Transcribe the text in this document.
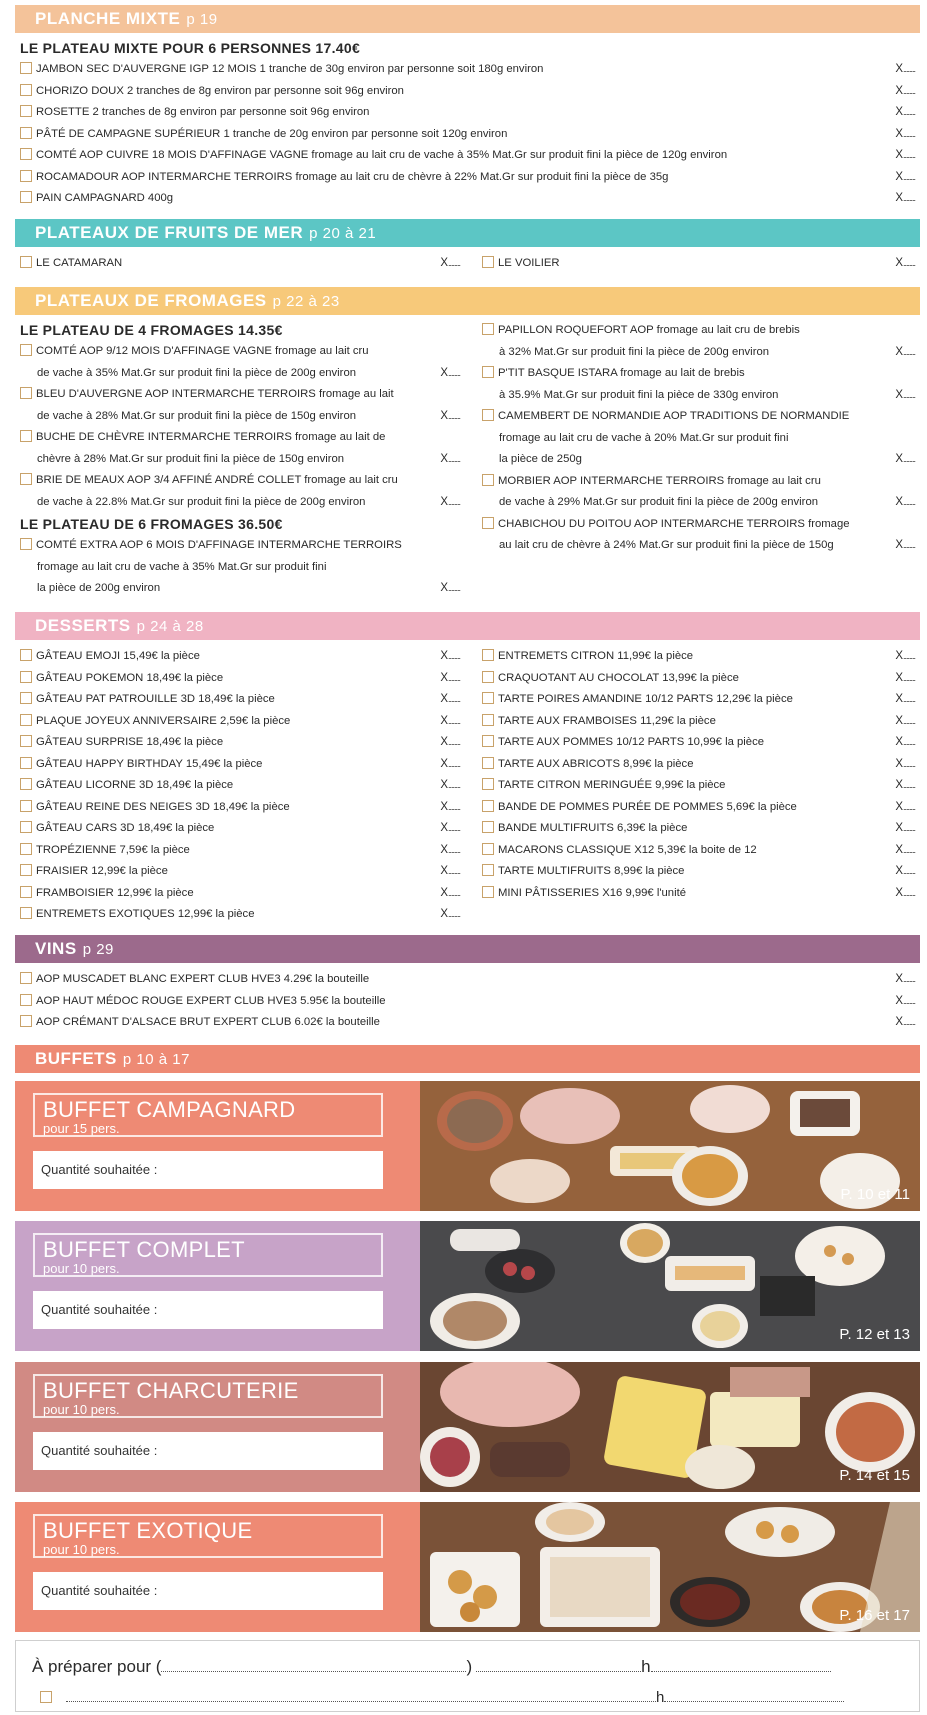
PLANCHE MIXTE p 19
LE PLATEAU MIXTE POUR 6 PERSONNES 17.40€
JAMBON SEC D'AUVERGNE IGP 12 MOIS 1 tranche de 30g environ par personne soit 180g environ	X ........
CHORIZO DOUX 2 tranches de 8g environ par personne soit 96g environ	X ........
ROSETTE 2 tranches de 8g environ par personne soit 96g environ	X ........
PÂTÉ DE CAMPAGNE SUPÉRIEUR 1 tranche de 20g environ par personne soit 120g environ	X ........
COMTÉ AOP CUIVRE 18 MOIS D'AFFINAGE VAGNE fromage au lait cru de vache à 35% Mat.Gr sur produit fini la pièce de 120g environ	X ........
ROCAMADOUR AOP INTERMARCHE TERROIRS fromage au lait cru de chèvre à 22% Mat.Gr sur produit fini la pièce de 35g	X ........
PAIN CAMPAGNARD 400g	X ........
PLATEAUX DE FRUITS DE MER p 20 à 21
LE CATAMARAN	X ........	LE VOILIER	X ........
PLATEAUX DE FROMAGES p 22 à 23
LE PLATEAU DE 4 FROMAGES 14.35€
COMTÉ AOP 9/12 MOIS D'AFFINAGE VAGNE fromage au lait cru
de vache à 35% Mat.Gr sur produit fini la pièce de 200g environ	X ........
BLEU D'AUVERGNE AOP INTERMARCHE TERROIRS fromage au lait
de vache à 28% Mat.Gr sur produit fini la pièce de 150g environ	X ........
BUCHE DE CHÈVRE INTERMARCHE TERROIRS fromage au lait de
chèvre à 28% Mat.Gr sur produit fini la pièce de 150g environ	X ........
BRIE DE MEAUX AOP 3/4 AFFINÉ ANDRÉ COLLET fromage au lait cru
de vache à 22.8% Mat.Gr sur produit fini la pièce de 200g environ	X ........
LE PLATEAU DE 6 FROMAGES 36.50€
COMTÉ EXTRA AOP 6 MOIS D'AFFINAGE INTERMARCHE TERROIRS
fromage au lait cru de vache à 35% Mat.Gr sur produit fini
la pièce de 200g environ	X ........
PAPILLON ROQUEFORT AOP fromage au lait cru de brebis
à 32% Mat.Gr sur produit fini la pièce de 200g environ	X ........
P'TIT BASQUE ISTARA fromage au lait de brebis
à 35.9% Mat.Gr sur produit fini la pièce de 330g environ	X ........
CAMEMBERT DE NORMANDIE AOP TRADITIONS DE NORMANDIE
fromage au lait cru de vache à 20% Mat.Gr sur produit fini
la pièce de 250g	X ........
MORBIER AOP INTERMARCHE TERROIRS fromage au lait cru
de vache à 29% Mat.Gr sur produit fini la pièce de 200g environ	X ........
CHABICHOU DU POITOU AOP INTERMARCHE TERROIRS fromage
au lait cru de chèvre à 24% Mat.Gr sur produit fini la pièce de 150g	X ........
DESSERTS p 24 à 28
GÂTEAU EMOJI 15,49€ la pièce	X ........
GÂTEAU POKEMON 18,49€ la pièce	X ........
GÂTEAU PAT PATROUILLE 3D 18,49€ la pièce	X ........
PLAQUE JOYEUX ANNIVERSAIRE 2,59€ la pièce	X ........
GÂTEAU SURPRISE 18,49€ la pièce	X ........
GÂTEAU HAPPY BIRTHDAY 15,49€ la pièce	X ........
GÂTEAU LICORNE 3D 18,49€ la pièce	X ........
GÂTEAU REINE DES NEIGES 3D 18,49€ la pièce	X ........
GÂTEAU CARS 3D 18,49€ la pièce	X ........
TROPÉZIENNE 7,59€ la pièce	X ........
FRAISIER 12,99€ la pièce	X ........
FRAMBOISIER 12,99€ la pièce	X ........
ENTREMETS EXOTIQUES 12,99€ la pièce	X ........
ENTREMETS CITRON 11,99€ la pièce	X ........
CRAQUOTANT AU CHOCOLAT 13,99€ la pièce	X ........
TARTE POIRES AMANDINE 10/12 PARTS 12,29€ la pièce	X ........
TARTE AUX FRAMBOISES 11,29€ la pièce	X ........
TARTE AUX POMMES 10/12 PARTS 10,99€ la pièce	X ........
TARTE AUX ABRICOTS 8,99€ la pièce	X ........
TARTE CITRON MERINGUÉE 9,99€ la pièce	X ........
BANDE DE POMMES PURÉE DE POMMES 5,69€ la pièce	X ........
BANDE MULTIFRUITS 6,39€ la pièce	X ........
MACARONS CLASSIQUE X12 5,39€ la boite de 12	X ........
TARTE MULTIFRUITS 8,99€ la pièce	X ........
MINI PÂTISSERIES X16 9,99€ l'unité	X ........
VINS p 29
AOP MUSCADET BLANC EXPERT CLUB HVE3 4.29€ la bouteille	X ........
AOP HAUT MÉDOC ROUGE EXPERT CLUB HVE3 5.95€ la bouteille	X ........
AOP CRÉMANT D'ALSACE BRUT EXPERT CLUB 6.02€ la bouteille	X ........
BUFFETS p 10 à 17
BUFFET CAMPAGNARD
pour 15 pers.
Quantité souhaitée :
P. 10 et 11
BUFFET COMPLET
pour 10 pers.
Quantité souhaitée :
P. 12 et 13
BUFFET CHARCUTERIE
pour 10 pers.
Quantité souhaitée :
P. 14 et 15
BUFFET EXOTIQUE
pour 10 pers.
Quantité souhaitée :
P. 16 et 17
À préparer pour (	)	h
h
